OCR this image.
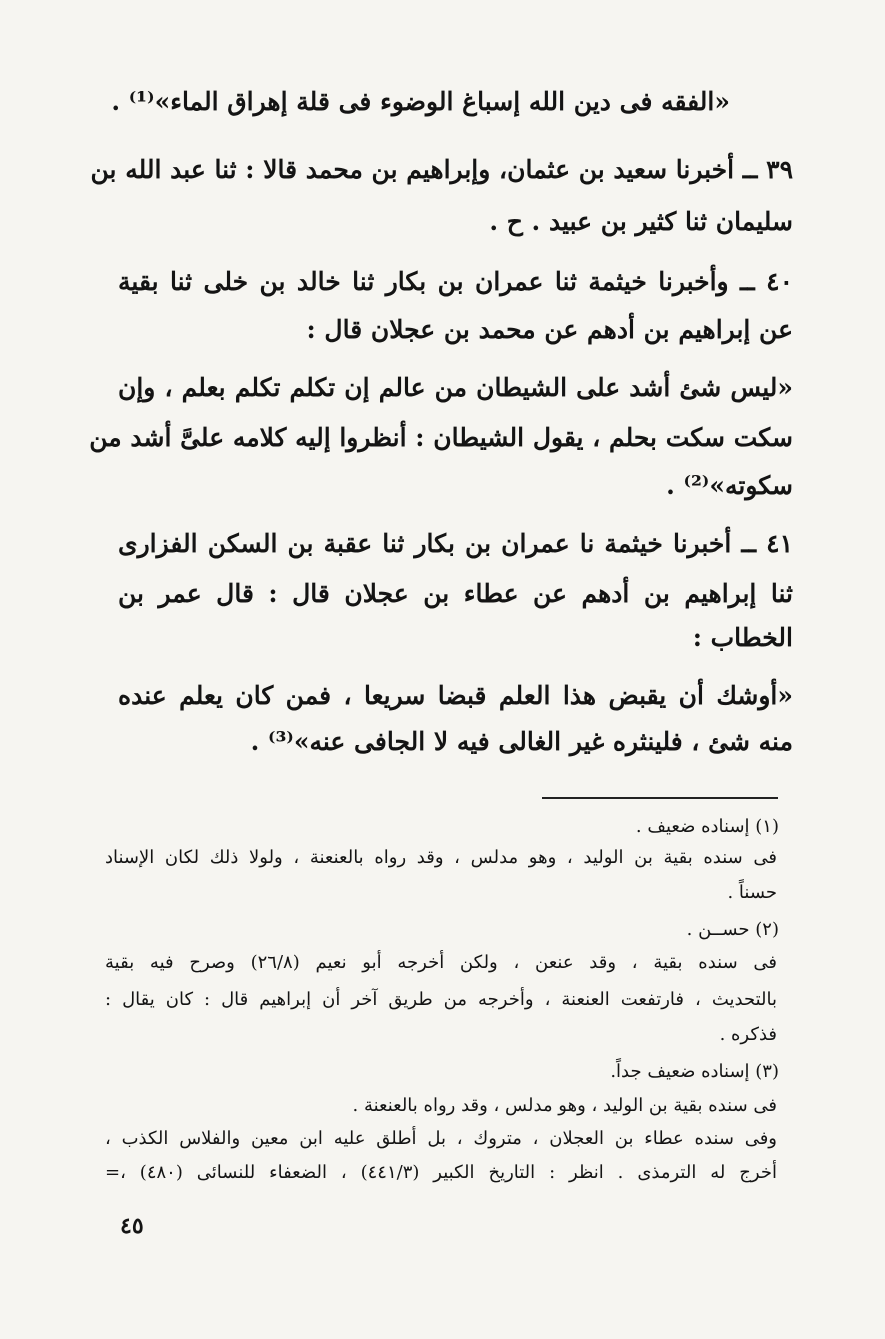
«الفقه فى دين الله إسباغ الوضوء فى قلة إهراق الماء»⁽¹⁾ .
٣٩ ــ أخبرنا سعيد بن عثمان، وإبراهيم بن محمد قالا : ثنا عبد الله بن
سليمان ثنا كثير بن عبيد . ح .
٤٠ ــ وأخبرنا خيثمة ثنا عمران بن بكار ثنا خالد بن خلى ثنا بقية
عن إبراهيم بن أدهم عن محمد بن عجلان قال :
«ليس شئ أشد على الشيطان من عالم إن تكلم تكلم بعلم ، وإن
سكت سكت بحلم ، يقول الشيطان : أنظروا إليه كلامه علىَّ أشد من
سكوته»⁽²⁾ .
٤١ ــ أخبرنا خيثمة نا عمران بن بكار ثنا عقبة بن السكن الفزارى
ثنا إبراهيم بن أدهم عن عطاء بن عجلان قال : قال عمر بن
الخطاب :
«أوشك أن يقبض هذا العلم قبضا سريعا ، فمن كان يعلم عنده
منه شئ ، فلينثره غير الغالى فيه لا الجافى عنه»⁽³⁾ .
(١) إسناده ضعيف .
فى سنده بقية بن الوليد ، وهو مدلس ، وقد رواه بالعنعنة ، ولولا ذلك لكان الإسناد
حسناً .
(٢) حســن .
فى سنده بقية ، وقد عنعن ، ولكن أخرجه أبو نعيم (٢٦/٨) وصرح فيه بقية
بالتحديث ، فارتفعت العنعنة ، وأخرجه من طريق آخر أن إبراهيم قال : كان يقال :
فذكره .
(٣) إسناده ضعيف جداً.
فى سنده بقية بن الوليد ، وهو مدلس ، وقد رواه بالعنعنة .
وفى سنده عطاء بن العجلان ، متروك ، بل أطلق عليه ابن معين والفلاس الكذب ،
أخرج له الترمذى . انظر : التاريخ الكبير (٤٤١/٣) ، الضعفاء للنسائى (٤٨٠) ،=
٤٥
